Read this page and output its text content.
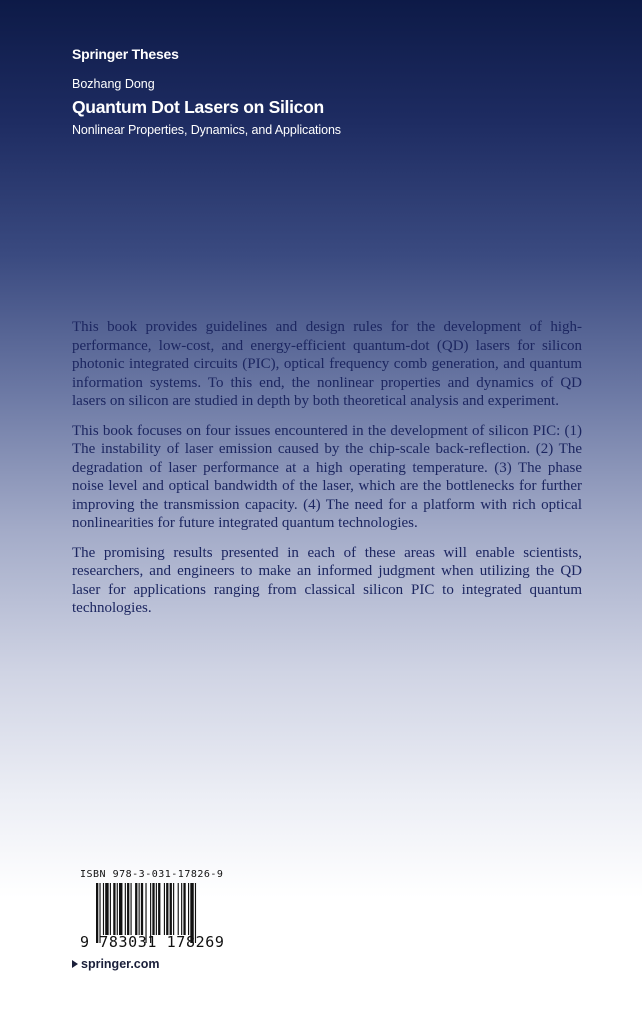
Springer Theses
Bozhang Dong
Quantum Dot Lasers on Silicon
Nonlinear Properties, Dynamics, and Applications

This book provides guidelines and design rules for the development of high-performance, low-cost, and energy-efficient quantum-dot (QD) lasers for silicon photonic integrated circuits (PIC), optical frequency comb generation, and quantum information systems. To this end, the nonlinear properties and dynamics of QD lasers on silicon are studied in depth by both theoretical analysis and experiment.

This book focuses on four issues encountered in the development of silicon PIC: (1) The instability of laser emission caused by the chip-scale back-reflection. (2) The degradation of laser performance at a high operating temperature. (3) The phase noise level and optical bandwidth of the laser, which are the bottlenecks for further improving the transmission capacity. (4) The need for a platform with rich optical nonlinearities for future integrated quantum technologies.

The promising results presented in each of these areas will enable scientists, researchers, and engineers to make an informed judgment when utilizing the QD laser for applications ranging from classical silicon PIC to integrated quantum technologies.

ISBN 978-3-031-17826-9
9 783031 178269
springer.com
